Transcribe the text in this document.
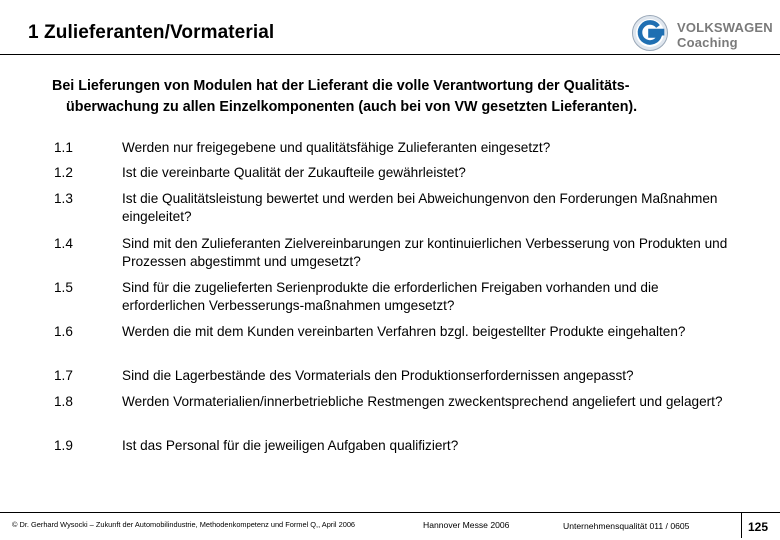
1 Zulieferanten/Vormaterial	VOLKSWAGEN
Coaching
Bei Lieferungen von Modulen hat der Lieferant die volle Verantwortung der Qualitäts-
überwachung zu allen Einzelkomponenten (auch bei von VW gesetzten Lieferanten).
1.1	Werden nur freigegebene und qualitätsfähige Zulieferanten eingesetzt?
1.2	Ist die vereinbarte Qualität der Zukaufteile gewährleistet?
1.3	Ist die Qualitätsleistung bewertet und werden bei Abweichungenvon den Forderungen Maßnahmen eingeleitet?
1.4	Sind mit den Zulieferanten Zielvereinbarungen zur kontinuierlichen Verbesserung von Produkten und Prozessen abgestimmt und umgesetzt?
1.5	Sind für die zugelieferten Serienprodukte die erforderlichen Freigaben vorhanden und die erforderlichen Verbesserungs-maßnahmen umgesetzt?
1.6	Werden die mit dem Kunden vereinbarten Verfahren bzgl. beigestellter Produkte eingehalten?
1.7	Sind die Lagerbestände des Vormaterials den Produktionserfordernissen angepasst?
1.8	Werden Vormaterialien/innerbetriebliche Restmengen zweckentsprechend angeliefert und gelagert?
1.9	Ist das Personal für die jeweiligen Aufgaben qualifiziert?
© Dr. Gerhard Wysocki – Zukunft der Automobilindustrie, Methodenkompetenz und Formel Q,, April 2006	Hannover Messe 2006	Unternehmensqualität 011 / 0605	125
